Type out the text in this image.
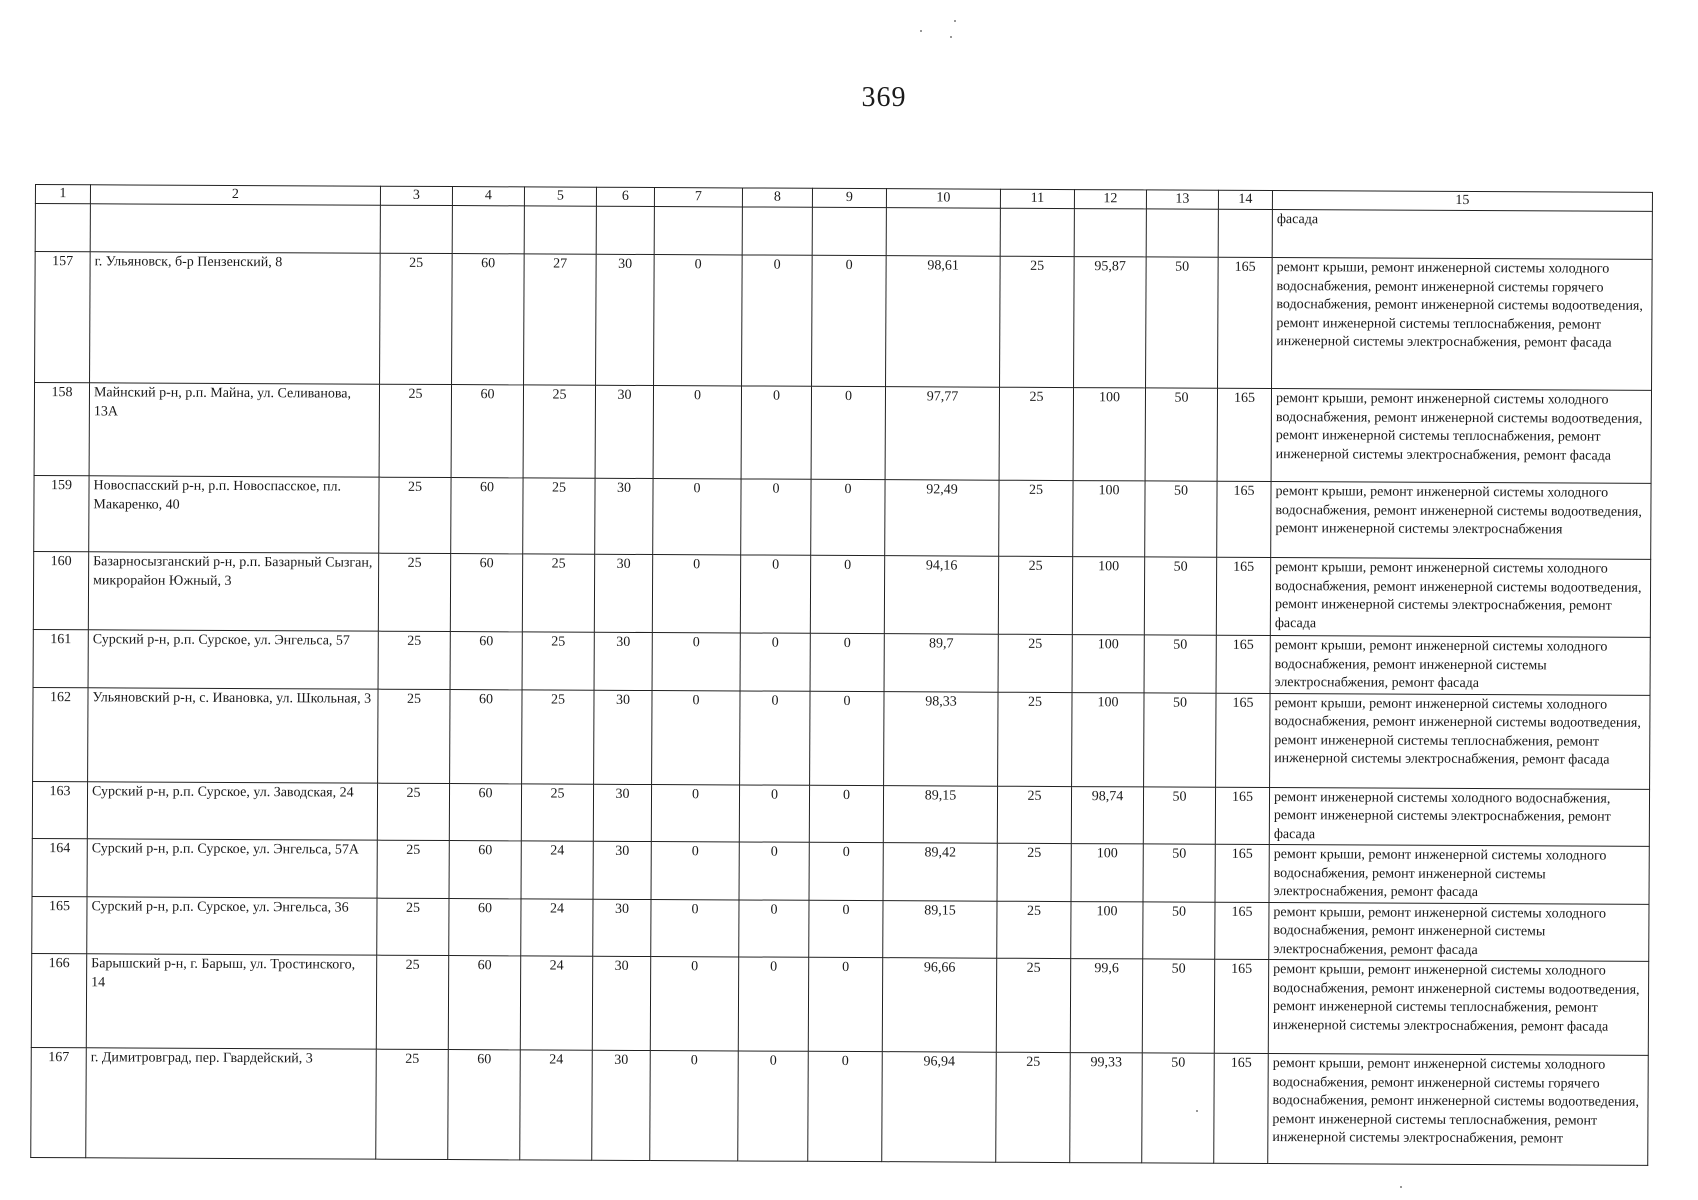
369
1	2	3	4	5	6	7	8	9	10	11	12	13	14	15
														фасада
157	г. Ульяновск, б-р Пензенский, 8	25	60	27	30	0	0	0	98,61	25	95,87	50	165	ремонт крыши, ремонт инженерной системы холодного водоснабжения, ремонт инженерной системы горячего водоснабжения, ремонт инженерной системы водоотведения, ремонт инженерной системы теплоснабжения, ремонт инженерной системы электроснабжения, ремонт фасада
158	Майнский р-н, р.п. Майна, ул. Селиванова, 13А	25	60	25	30	0	0	0	97,77	25	100	50	165	ремонт крыши, ремонт инженерной системы холодного водоснабжения, ремонт инженерной системы водоотведения, ремонт инженерной системы теплоснабжения, ремонт инженерной системы электроснабжения, ремонт фасада
159	Новоспасский р-н, р.п. Новоспасское, пл. Макаренко, 40	25	60	25	30	0	0	0	92,49	25	100	50	165	ремонт крыши, ремонт инженерной системы холодного водоснабжения, ремонт инженерной системы водоотведения, ремонт инженерной системы электроснабжения
160	Базарносызганский р-н, р.п. Базарный Сызган, микрорайон Южный, 3	25	60	25	30	0	0	0	94,16	25	100	50	165	ремонт крыши, ремонт инженерной системы холодного водоснабжения, ремонт инженерной системы водоотведения, ремонт инженерной системы электроснабжения, ремонт фасада
161	Сурский р-н, р.п. Сурское, ул. Энгельса, 57	25	60	25	30	0	0	0	89,7	25	100	50	165	ремонт крыши, ремонт инженерной системы холодного водоснабжения, ремонт инженерной системы электроснабжения, ремонт фасада
162	Ульяновский р-н, с. Ивановка, ул. Школьная, 3	25	60	25	30	0	0	0	98,33	25	100	50	165	ремонт крыши, ремонт инженерной системы холодного водоснабжения, ремонт инженерной системы водоотведения, ремонт инженерной системы теплоснабжения, ремонт инженерной системы электроснабжения, ремонт фасада
163	Сурский р-н, р.п. Сурское, ул. Заводская, 24	25	60	25	30	0	0	0	89,15	25	98,74	50	165	ремонт инженерной системы холодного водоснабжения, ремонт инженерной системы электроснабжения, ремонт фасада
164	Сурский р-н, р.п. Сурское, ул. Энгельса, 57А	25	60	24	30	0	0	0	89,42	25	100	50	165	ремонт крыши, ремонт инженерной системы холодного водоснабжения, ремонт инженерной системы электроснабжения, ремонт фасада
165	Сурский р-н, р.п. Сурское, ул. Энгельса, 36	25	60	24	30	0	0	0	89,15	25	100	50	165	ремонт крыши, ремонт инженерной системы холодного водоснабжения, ремонт инженерной системы электроснабжения, ремонт фасада
166	Барышский р-н, г. Барыш, ул. Тростинского, 14	25	60	24	30	0	0	0	96,66	25	99,6	50	165	ремонт крыши, ремонт инженерной системы холодного водоснабжения, ремонт инженерной системы водоотведения, ремонт инженерной системы теплоснабжения, ремонт инженерной системы электроснабжения, ремонт фасада
167	г. Димитровград, пер. Гвардейский, 3	25	60	24	30	0	0	0	96,94	25	99,33	50	165	ремонт крыши, ремонт инженерной системы холодного водоснабжения, ремонт инженерной системы горячего водоснабжения, ремонт инженерной системы водоотведения, ремонт инженерной системы теплоснабжения, ремонт инженерной системы электроснабжения, ремонт
